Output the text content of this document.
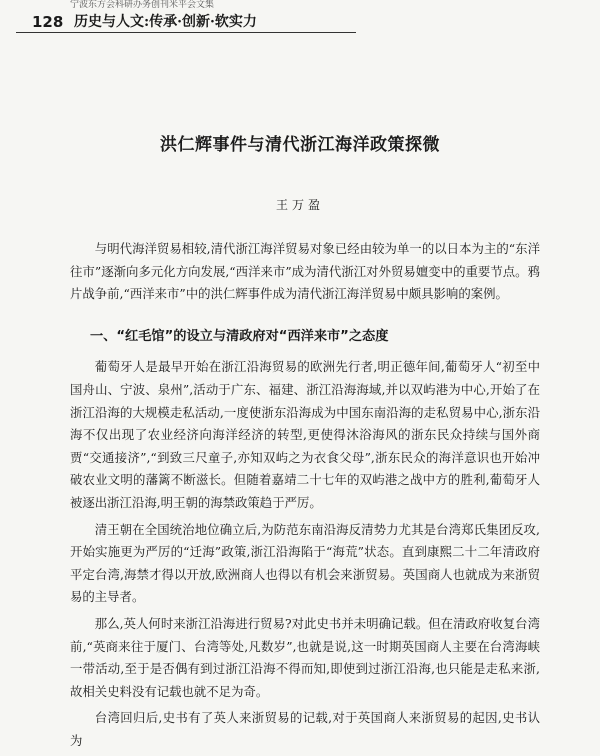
宁波东方会科研办务创刊米平会文集
128 历史与人文:传承·创新·软实力
洪仁辉事件与清代浙江海洋政策探微
王万盈

与明代海洋贸易相较,清代浙江海洋贸易对象已经由较为单一的以日本为主的“东洋往市”逐渐向多元化方向发展,“西洋来市”成为清代浙江对外贸易嬗变中的重要节点。鸦片战争前,“西洋来市”中的洪仁辉事件成为清代浙江海洋贸易中颇具影响的案例。

一、“红毛馆”的设立与清政府对“西洋来市”之态度

葡萄牙人是最早开始在浙江沿海贸易的欧洲先行者,明正德年间,葡萄牙人“初至中国舟山、宁波、泉州”,活动于广东、福建、浙江沿海海域,并以双屿港为中心,开始了在浙江沿海的大规模走私活动,一度使浙东沿海成为中国东南沿海的走私贸易中心,浙东沿海不仅出现了农业经济向海洋经济的转型,更使得沐浴海风的浙东民众持续与国外商贾“交通接济”,“到致三尺童子,亦知双屿之为衣食父母”,浙东民众的海洋意识也开始冲破农业文明的藩篱不断滋长。但随着嘉靖二十七年的双屿港之战中方的胜利,葡萄牙人被逐出浙江沿海,明王朝的海禁政策趋于严厉。

清王朝在全国统治地位确立后,为防范东南沿海反清势力尤其是台湾郑氏集团反攻,开始实施更为严厉的“迁海”政策,浙江沿海陷于“海荒”状态。直到康熙二十二年清政府平定台湾,海禁才得以开放,欧洲商人也得以有机会来浙贸易。英国商人也就成为来浙贸易的主导者。

那么,英人何时来浙江沿海进行贸易?对此史书并未明确记载。但在清政府收复台湾前,“英商来往于厦门、台湾等处,凡数岁”,也就是说,这一时期英国商人主要在台湾海峡一带活动,至于是否偶有到过浙江沿海不得而知,即使到过浙江沿海,也只能是走私来浙,故相关史料没有记载也就不足为奇。

台湾回归后,史书有了英人来浙贸易的记载,对于英国商人来浙贸易的起因,史书认为
